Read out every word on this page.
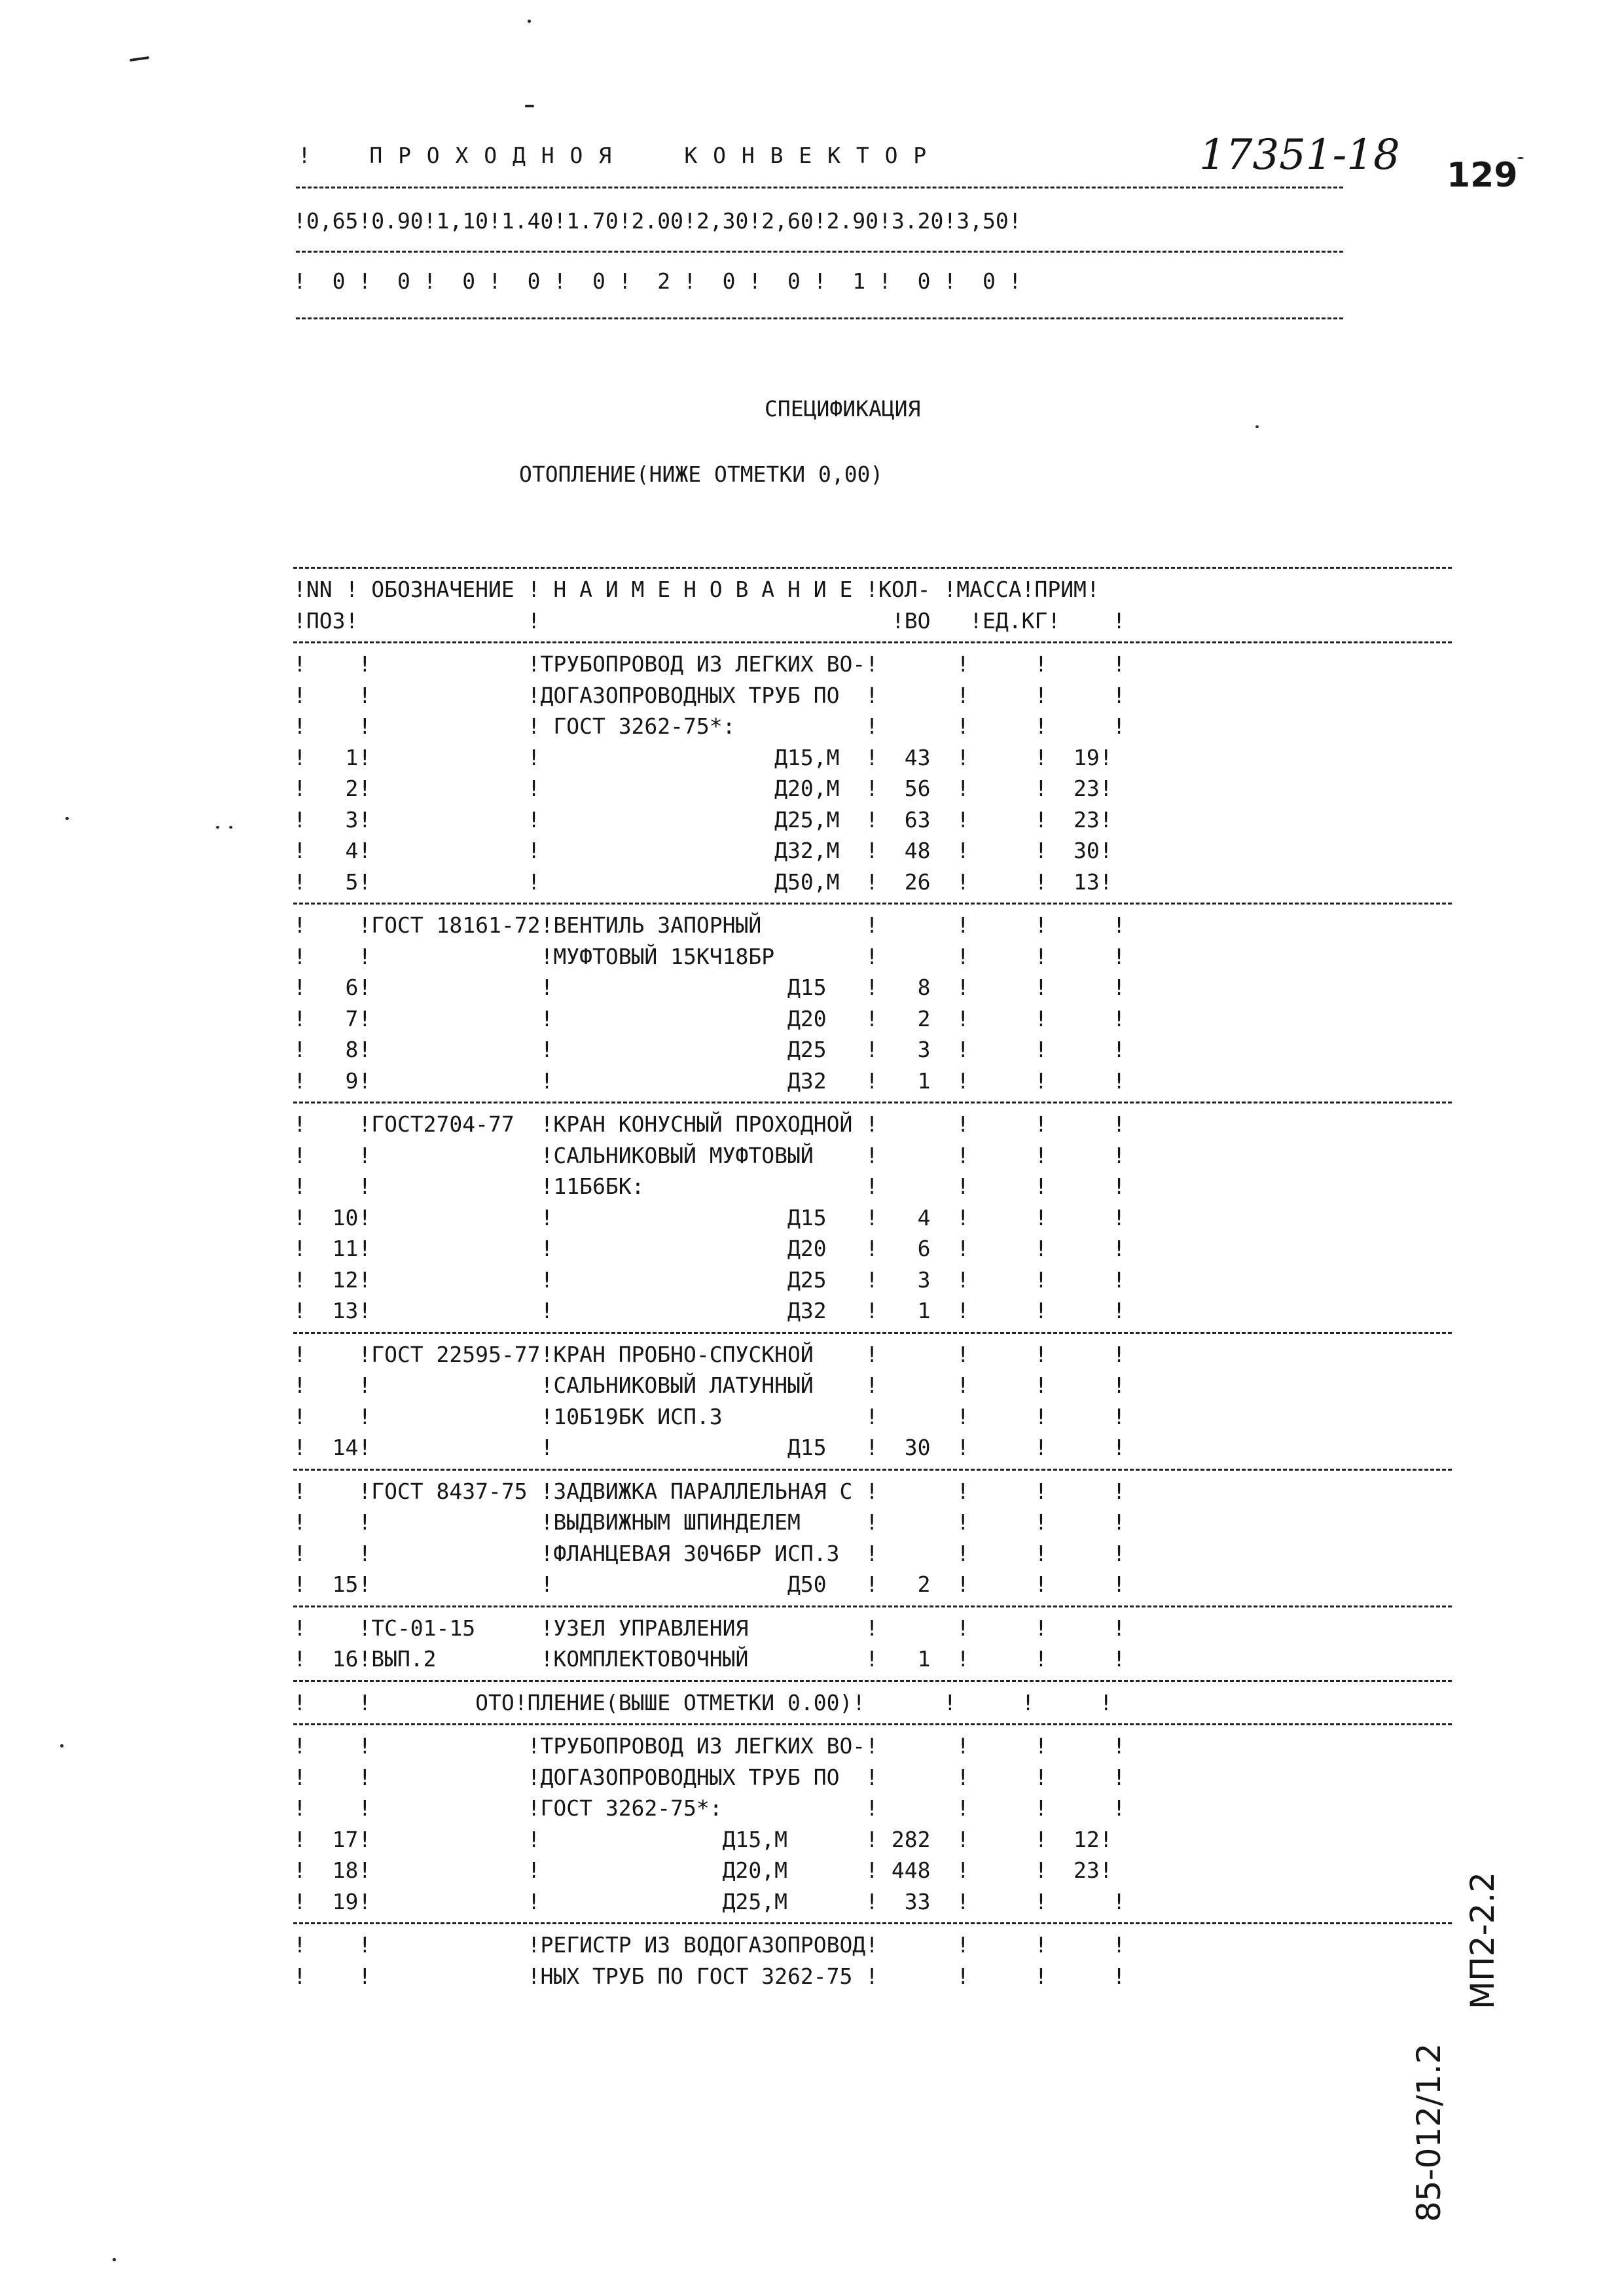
!    П Р О Х О Д Н О Я     К О Н В Е К Т О Р	17351-18 129
!0,65!0.90!1,10!1.40!1.70!2.00!2,30!2,60!2.90!3.20!3,50!
!  0 !  0 !  0 !  0 !  0 !  2 !  0 !  0 !  1 !  0 !  0 !
СПЕЦИФИКАЦИЯ
ОТОПЛЕНИЕ(НИЖЕ ОТМЕТКИ 0,00)
!NN ! ОБОЗНАЧЕНИЕ ! Н А И М Е Н О В А Н И Е !КОЛ- !МАССА!ПРИМ!
!ПОЗ!             !                           !ВО   !ЕД.КГ!    !
!    !            !ТРУБОПРОВОД ИЗ ЛЕГКИХ ВО-!      !     !     !
!    !            !ДОГАЗОПРОВОДНЫХ ТРУБ ПО  !      !     !     !
!    !            ! ГОСТ 3262-75*:          !      !     !     !
!   1!            !                  Д15,М  !  43  !     !  19!
!   2!            !                  Д20,М  !  56  !     !  23!
!   3!            !                  Д25,М  !  63  !     !  23!
!   4!            !                  Д32,М  !  48  !     !  30!
!   5!            !                  Д50,М  !  26  !     !  13!
!    !ГОСТ 18161-72!ВЕНТИЛЬ ЗАПОРНЫЙ        !      !     !     !
!    !             !МУФТОВЫЙ 15КЧ18БР       !      !     !     !
!   6!             !                  Д15   !   8  !     !     !
!   7!             !                  Д20   !   2  !     !     !
!   8!             !                  Д25   !   3  !     !     !
!   9!             !                  Д32   !   1  !     !     !
!    !ГОСТ2704-77  !КРАН КОНУСНЫЙ ПРОХОДНОЙ !      !     !     !
!    !             !САЛЬНИКОВЫЙ МУФТОВЫЙ    !      !     !     !
!    !             !11Б6БК:                 !      !     !     !
!  10!             !                  Д15   !   4  !     !     !
!  11!             !                  Д20   !   6  !     !     !
!  12!             !                  Д25   !   3  !     !     !
!  13!             !                  Д32   !   1  !     !     !
!    !ГОСТ 22595-77!КРАН ПРОБНО-СПУСКНОЙ    !      !     !     !
!    !             !САЛЬНИКОВЫЙ ЛАТУННЫЙ    !      !     !     !
!    !             !10Б19БК ИСП.3           !      !     !     !
!  14!             !                  Д15   !  30  !     !     !
!    !ГОСТ 8437-75 !ЗАДВИЖКА ПАРАЛЛЕЛЬНАЯ С !      !     !     !
!    !             !ВЫДВИЖНЫМ ШПИНДЕЛЕМ     !      !     !     !
!    !             !ФЛАНЦЕВАЯ 30Ч6БР ИСП.3  !      !     !     !
!  15!             !                  Д50   !   2  !     !     !
!    !ТС-01-15     !УЗЕЛ УПРАВЛЕНИЯ         !      !     !     !
!  16!ВЫП.2        !КОМПЛЕКТОВОЧНЫЙ         !   1  !     !     !
!    !        ОТО!ПЛЕНИЕ(ВЫШЕ ОТМЕТКИ 0.00)!      !     !     !
!    !            !ТРУБОПРОВОД ИЗ ЛЕГКИХ ВО-!      !     !     !
!    !            !ДОГАЗОПРОВОДНЫХ ТРУБ ПО  !      !     !     !
!    !            !ГОСТ 3262-75*:           !      !     !     !
!  17!            !              Д15,М      ! 282  !     !  12!
!  18!            !              Д20,М      ! 448  !     !  23!
!  19!            !              Д25,М      !  33  !     !     !
!    !            !РЕГИСТР ИЗ ВОДОГАЗОПРОВОД!      !     !     !
!    !            !НЫХ ТРУБ ПО ГОСТ 3262-75 !      !     !     !	МП2-2.2
85-012/1.2
